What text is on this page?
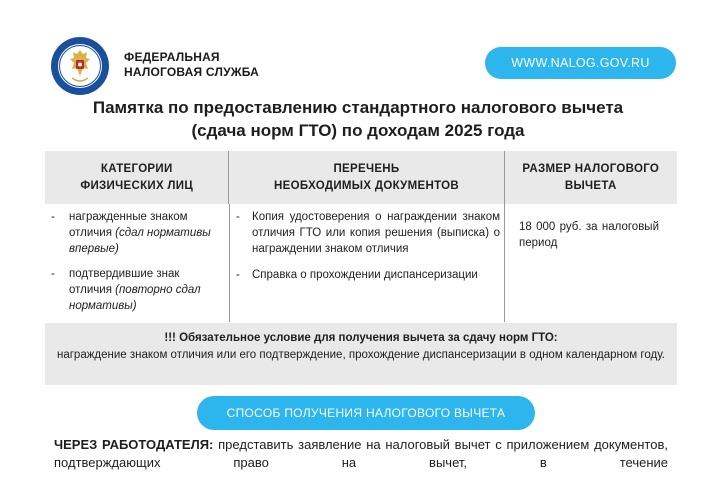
ФЕДЕРАЛЬНАЯ
НАЛОГОВАЯ СЛУЖБА
WWW.NALOG.GOV.RU
Памятка по предоставлению стандартного налогового вычета
(сдача норм ГТО) по доходам 2025 года
КАТЕГОРИИ
ФИЗИЧЕСКИХ ЛИЦ
ПЕРЕЧЕНЬ
НЕОБХОДИМЫХ ДОКУМЕНТОВ
РАЗМЕР НАЛОГОВОГО
ВЫЧЕТА
- награжденные знаком отличия (сдал нормативы впервые)
- подтвердившие знак отличия (повторно сдал нормативы)
- Копия удостоверения о награждении знаком отличия ГТО или копия решения (выписка) о награждении знаком отличия
- Справка о прохождении диспансеризации
18 000 руб. за налоговый период
!!! Обязательное условие для получения вычета за сдачу норм ГТО:
награждение знаком отличия или его подтверждение, прохождение диспансеризации в одном календарном году.
СПОСОБ ПОЛУЧЕНИЯ НАЛОГОВОГО ВЫЧЕТА
ЧЕРЕЗ РАБОТОДАТЕЛЯ: представить заявление на налоговый вычет с приложением документов, подтверждающих право на вычет, в течение
